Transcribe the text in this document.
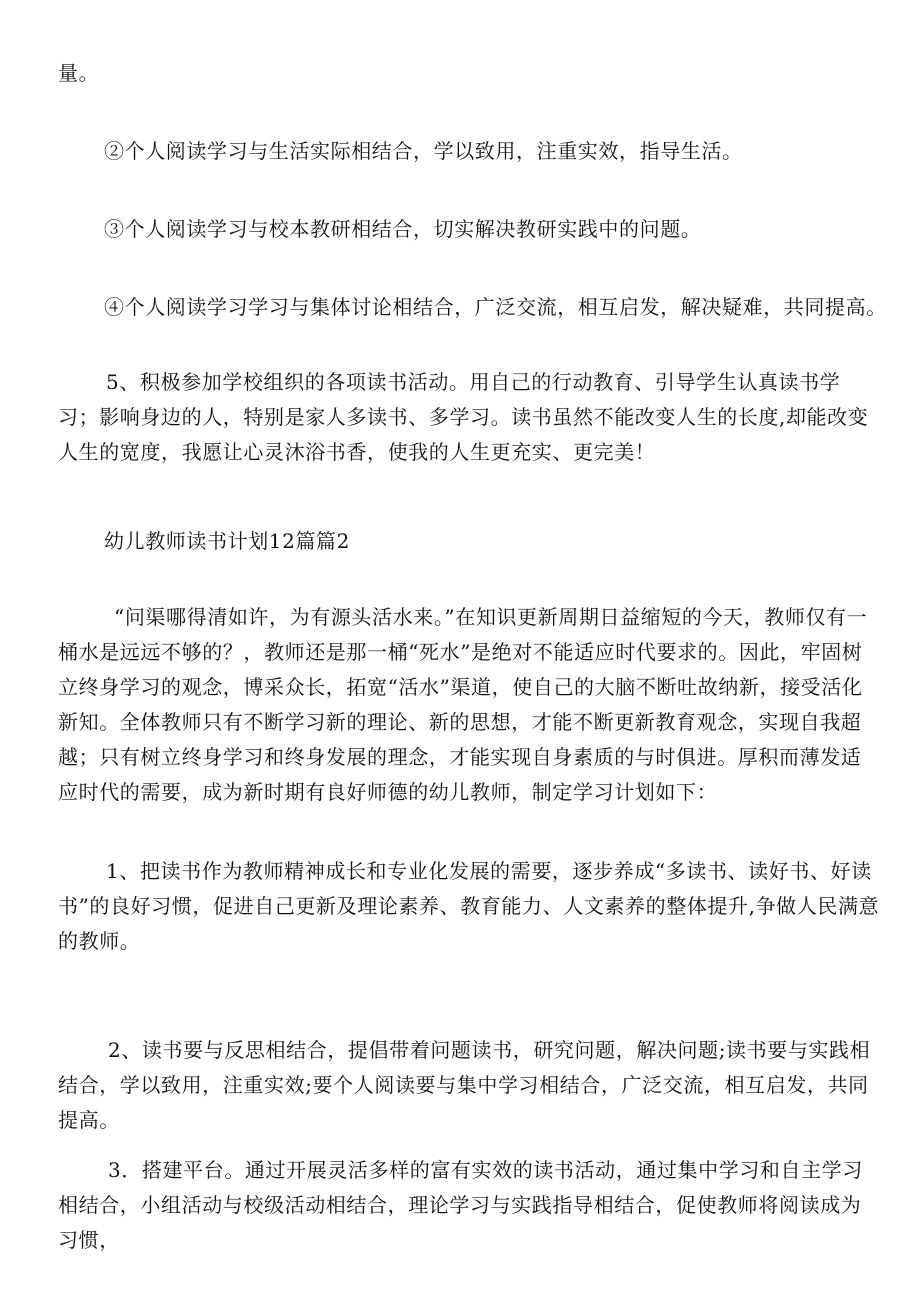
量。

②个人阅读学习与生活实际相结合，学以致用，注重实效，指导生活。

③个人阅读学习与校本教研相结合，切实解决教研实践中的问题。

④个人阅读学习学习与集体讨论相结合，广泛交流，相互启发，解决疑难，共同提高。

5、积极参加学校组织的各项读书活动。用自己的行动教育、引导学生认真读书学习；影响身边的人，特别是家人多读书、多学习。读书虽然不能改变人生的长度,却能改变人生的宽度，我愿让心灵沐浴书香，使我的人生更充实、更完美！

幼儿教师读书计划12篇篇2

“问渠哪得清如许，为有源头活水来。”在知识更新周期日益缩短的今天，教师仅有一桶水是远远不够的？，教师还是那一桶“死水”是绝对不能适应时代要求的。因此，牢固树立终身学习的观念，博采众长，拓宽“活水”渠道，使自己的大脑不断吐故纳新，接受活化新知。全体教师只有不断学习新的理论、新的思想，才能不断更新教育观念，实现自我超越；只有树立终身学习和终身发展的理念，才能实现自身素质的与时俱进。厚积而薄发适应时代的需要，成为新时期有良好师德的幼儿教师，制定学习计划如下：

1、把读书作为教师精神成长和专业化发展的需要，逐步养成“多读书、读好书、好读书”的良好习惯，促进自己更新及理论素养、教育能力、人文素养的整体提升,争做人民满意的教师。

2、读书要与反思相结合，提倡带着问题读书，研究问题，解决问题;读书要与实践相结合，学以致用，注重实效;要个人阅读要与集中学习相结合，广泛交流，相互启发，共同提高。

3．搭建平台。通过开展灵活多样的富有实效的读书活动，通过集中学习和自主学习相结合，小组活动与校级活动相结合，理论学习与实践指导相结合，促使教师将阅读成为习惯，
